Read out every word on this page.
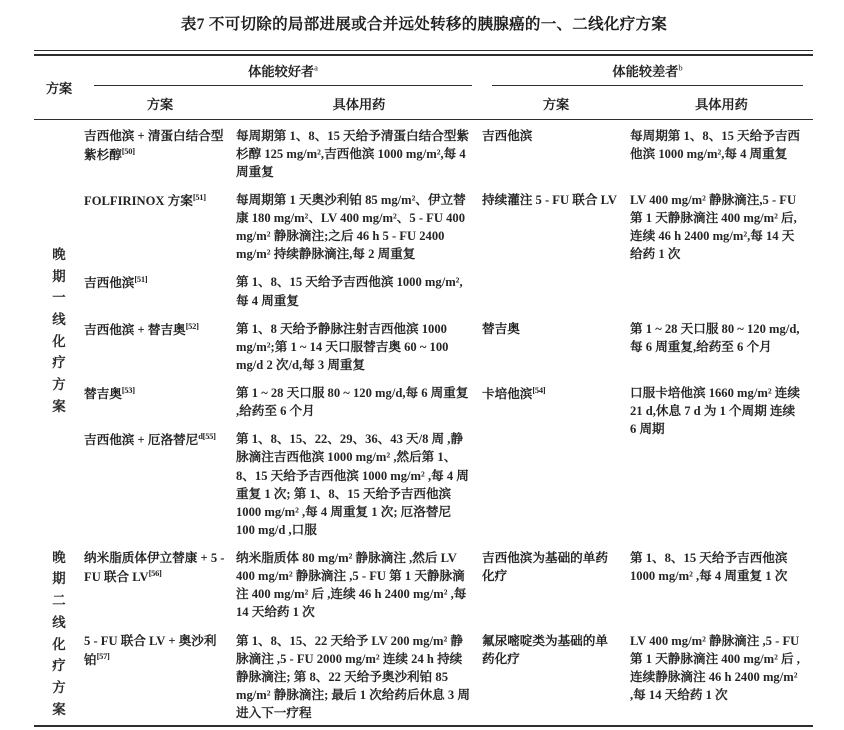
表7 不可切除的局部进展或合并远处转移的胰腺癌的一、二线化疗方案
方案	体能较好者$^a$		体能较差者$^b$

	方案	具体用药	方案	具体用药

晚期一线化疗方案	吉西他滨 + 清蛋白结合型紫杉醇[50]	每周期第 1、8、15 天给予清蛋白结合型紫杉醇 125 mg/m²,吉西他滨 1000 mg/m²,每 4 周重复	吉西他滨	每周期第 1、8、15 天给予吉西他滨 1000 mg/m²,每 4 周重复
	FOLFIRINOX 方案[51]	每周期第 1 天奥沙利铂 85 mg/m²、伊立替康 180 mg/m²、LV 400 mg/m²、5 - FU 400 mg/m² 静脉滴注;之后 46 h 5 - FU 2400 mg/m² 持续静脉滴注,每 2 周重复	持续灌注 5 - FU 联合 LV	LV 400 mg/m² 静脉滴注,5 - FU 第 1 天静脉滴注 400 mg/m² 后,连续 46 h 2400 mg/m²,每 14 天给药 1 次
	吉西他滨[51]	第 1、8、15 天给予吉西他滨 1000 mg/m²,每 4 周重复		
	吉西他滨 + 替吉奥[52]	第 1、8 天给予静脉注射吉西他滨 1000 mg/m²;第 1 ~ 14 天口服替吉奥 60 ~ 100 mg/d 2 次/d,每 3 周重复	替吉奥	第 1 ~ 28 天口服 80 ~ 120 mg/d,每 6 周重复,给药至 6 个月
	替吉奥[53]	第 1 ~ 28 天口服 80 ~ 120 mg/d,每 6 周重复 ,给药至 6 个月	卡培他滨[54]	口服卡培他滨 1660 mg/m² 连续 21 d,休息 7 d 为 1 个周期 连续 6 周期
	吉西他滨 + 厄洛替尼$^{d[55]}$	第 1、8、15、22、29、36、43 天/8 周 ,静脉滴注吉西他滨 1000 mg/m² ,然后第 1、8、15 天给予吉西他滨 1000 mg/m² ,每 4 周重复 1 次; 第 1、8、15 天给予吉西他滨 1000 mg/m² ,每 4 周重复 1 次; 厄洛替尼 100 mg/d ,口服		

晚期二线化疗方案	纳米脂质体伊立替康 + 5 - FU 联合 LV[56]	纳米脂质体 80 mg/m² 静脉滴注 ,然后 LV 400 mg/m² 静脉滴注 ,5 - FU 第 1 天静脉滴注 400 mg/m² 后 ,连续 46 h 2400 mg/m² ,每 14 天给药 1 次	吉西他滨为基础的单药化疗	第 1、8、15 天给予吉西他滨 1000 mg/m² ,每 4 周重复 1 次
	5 - FU 联合 LV + 奥沙利铂[57]	第 1、8、15、22 天给予 LV 200 mg/m² 静脉滴注 ,5 - FU 2000 mg/m² 连续 24 h 持续静脉滴注; 第 8、22 天给予奥沙利铂 85 mg/m² 静脉滴注; 最后 1 次给药后休息 3 周进入下一疗程	氟尿嘧啶类为基础的单药化疗	LV 400 mg/m² 静脉滴注 ,5 - FU 第 1 天静脉滴注 400 mg/m² 后 ,连续静脉滴注 46 h 2400 mg/m² ,每 14 天给药 1 次
